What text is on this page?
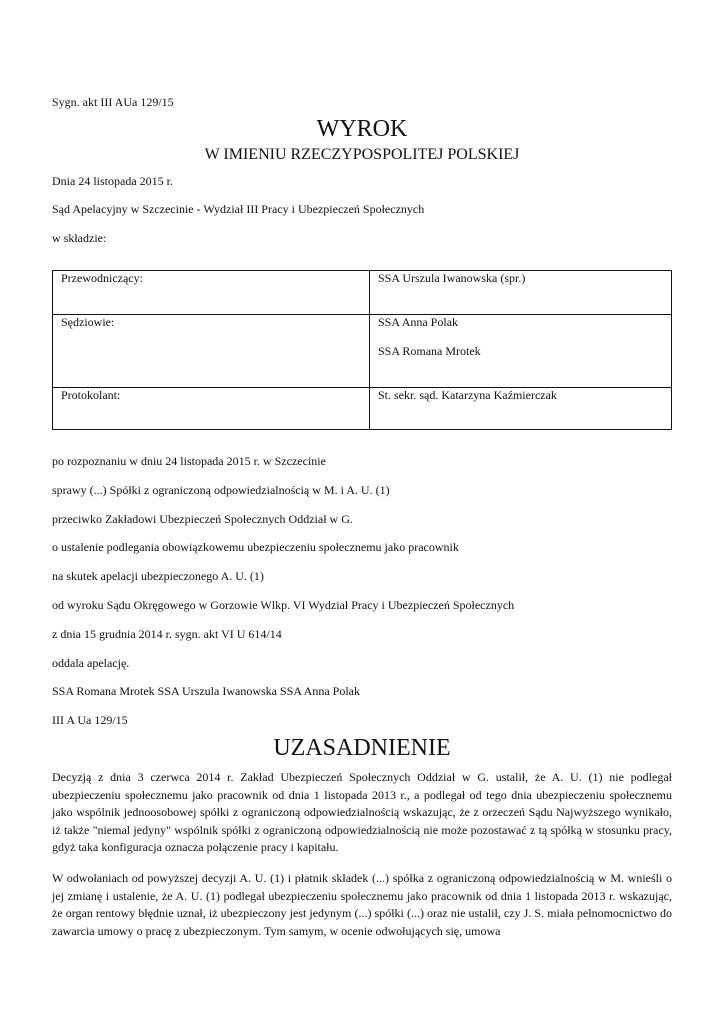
Sygn. akt III AUa 129/15
WYROK
W IMIENIU RZECZYPOSPOLITEJ POLSKIEJ
Dnia 24 listopada 2015 r.
Sąd Apelacyjny w Szczecinie - Wydział III Pracy i Ubezpieczeń Społecznych
w składzie:
Przewodniczący:	SSA Urszula Iwanowska (spr.)
Sędziowie:	SSA Anna Polak
SSA Romana Mrotek

Protokolant:	St. sekr. sąd. Katarzyna Kaźmierczak
po rozpoznaniu w dniu 24 listopada 2015 r. w Szczecinie
sprawy (...) Spółki z ograniczoną odpowiedzialnością w M. i A. U. (1)
przeciwko Zakładowi Ubezpieczeń Społecznych Oddział w G.
o ustalenie podlegania obowiązkowemu ubezpieczeniu społecznemu jako pracownik
na skutek apelacji ubezpieczonego A. U. (1)
od wyroku Sądu Okręgowego w Gorzowie Wlkp. VI Wydział Pracy i Ubezpieczeń Społecznych
z dnia 15 grudnia 2014 r. sygn. akt VI U 614/14
oddala apelację.
SSA Romana Mrotek SSA Urszula Iwanowska SSA Anna Polak
III A Ua 129/15
UZASADNIENIE
Decyzją z dnia 3 czerwca 2014 r. Zakład Ubezpieczeń Społecznych Oddział w G. ustalił, że A. U. (1) nie podlegał ubezpieczeniu społecznemu jako pracownik od dnia 1 listopada 2013 r., a podlegał od tego dnia ubezpieczeniu społecznemu jako wspólnik jednoosobowej spółki z ograniczoną odpowiedzialnością wskazując, że z orzeczeń Sądu Najwyższego wynikało, iż także "niemal jedyny" wspólnik spółki z ograniczoną odpowiedzialnością nie może pozostawać z tą spółką w stosunku pracy, gdyż taka konfiguracja oznacza połączenie pracy i kapitału.
W odwołaniach od powyższej decyzji A. U. (1) i płatnik składek (...) spółka z ograniczoną odpowiedzialnością w M. wnieśli o jej zmianę i ustalenie, że A. U. (1) podlegał ubezpieczeniu społecznemu jako pracownik od dnia 1 listopada 2013 r. wskazując, że organ rentowy błędnie uznał, iż ubezpieczony jest jedynym (...) spółki (...) oraz nie ustalił, czy J. S. miała pełnomocnictwo do zawarcia umowy o pracę z ubezpieczonym. Tym samym, w ocenie odwołujących się, umowa
